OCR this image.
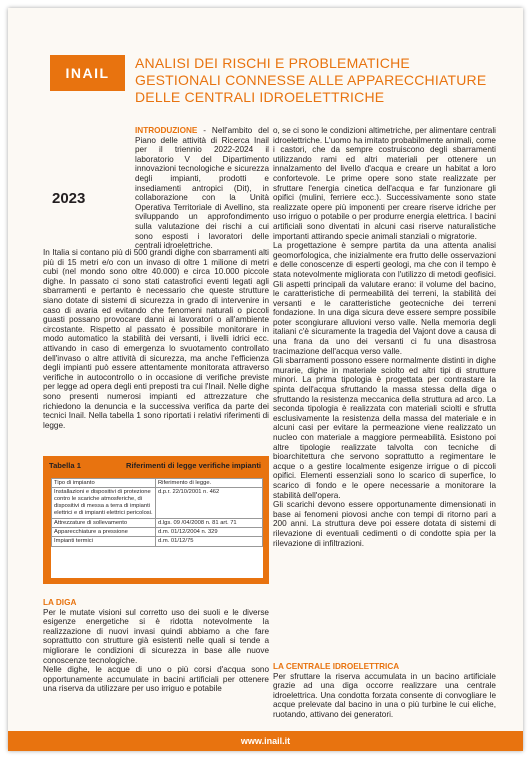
INAIL
ANALISI DEI RISCHI E PROBLEMATICHE
GESTIONALI CONNESSE ALLE APPARECCHIATURE
DELLE CENTRALI IDROELETTRICHE
2023

INTRODUZIONE - Nell'ambito del Piano delle attività di Ricerca Inail per il triennio 2022-2024 il laboratorio V del Dipartimento innovazioni tecnologiche e sicurezza degli impianti, prodotti e insediamenti antropici (Dit), in collaborazione con la Unità Operativa Territoriale di Avellino, sta sviluppando un approfondimento sulla valutazione dei rischi a cui sono esposti i lavoratori delle centrali idroelettriche.

In Italia si contano più di 500 grandi dighe con sbarramenti alti più di 15 metri e/o con un invaso di oltre 1 milione di metri cubi (nel mondo sono oltre 40.000) e circa 10.000 piccole dighe. In passato ci sono stati catastrofici eventi legati agli sbarramenti e pertanto è necessario che queste strutture siano dotate di sistemi di sicurezza in grado di intervenire in caso di avaria ed evitando che fenomeni naturali o piccoli guasti possano provocare danni ai lavoratori o all'ambiente circostante. Rispetto al passato è possibile monitorare in modo automatico la stabilità dei versanti, i livelli idrici ecc. attivando in caso di emergenza lo svuotamento controllato dell'invaso o altre attività di sicurezza, ma anche l'efficienza degli impianti può essere attentamente monitorata attraverso verifiche in autocontrollo o in occasione di verifiche previste per legge ad opera degli enti preposti tra cui l'Inail. Nelle dighe sono presenti numerosi impianti ed attrezzature che richiedono la denuncia e la successiva verifica da parte dei tecnici Inail. Nella tabella 1 sono riportati i relativi riferimenti di legge.

Tabella 1	Riferimenti di legge verifiche impianti
Tipo di impianto	Riferimento di legge.
Installazioni e dispositivi di protezione contro le scariche atmosferiche, di dispositivi di messa a terra di impianti elettrici e di impianti elettrici pericolosi.	d.p.r. 22/10/2001 n. 462
Attrezzature di sollevamento	d.lgs. 09 /04/2008 n. 81 art. 71
Apparecchiature a pressione	d.m. 01/12/2004 n. 329
Impianti termici	d.m. 01/12/75

LA DIGA

Per le mutate visioni sul corretto uso dei suoli e le diverse esigenze energetiche si è ridotta notevolmente la realizzazione di nuovi invasi quindi abbiamo a che fare soprattutto con strutture già esistenti nelle quali si tende a migliorare le condizioni di sicurezza in base alle nuove conoscenze tecnologiche.

Nelle dighe, le acque di uno o più corsi d'acqua sono opportunamente accumulate in bacini artificiali per ottenere una riserva da utilizzare per uso irriguo e potabile

o, se ci sono le condizioni altimetriche, per alimentare centrali idroelettriche. L'uomo ha imitato probabilmente animali, come i castori, che da sempre costruiscono degli sbarramenti utilizzando rami ed altri materiali per ottenere un innalzamento del livello d'acqua e creare un habitat a loro confortevole. Le prime opere sono state realizzate per sfruttare l'energia cinetica dell'acqua e far funzionare gli opifici (mulini, ferriere ecc.). Successivamente sono state realizzate opere più imponenti per creare riserve idriche per uso irriguo o potabile o per produrre energia elettrica. I bacini artificiali sono diventati in alcuni casi riserve naturalistiche importanti attirando specie animali stanziali o migratorie.

La progettazione è sempre partita da una attenta analisi geomorfologica, che inizialmente era frutto delle osservazioni e delle conoscenze di esperti geologi, ma che con il tempo è stata notevolmente migliorata con l'utilizzo di metodi geofisici. Gli aspetti principali da valutare erano: il volume del bacino, le caratteristiche di permeabilità dei terreni, la stabilità dei versanti e le caratteristiche geotecniche dei terreni fondazione. In una diga sicura deve essere sempre possibile poter scongiurare alluvioni verso valle. Nella memoria degli italiani c'è sicuramente la tragedia del Vajont dove a causa di una frana da uno dei versanti ci fu una disastrosa tracimazione dell'acqua verso valle.

Gli sbarramenti possono essere normalmente distinti in dighe murarie, dighe in materiale sciolto ed altri tipi di strutture minori. La prima tipologia è progettata per contrastare la spinta dell'acqua sfruttando la massa stessa della diga o sfruttando la resistenza meccanica della struttura ad arco. La seconda tipologia è realizzata con materiali sciolti e sfrutta esclusivamente la resistenza della massa del materiale e in alcuni casi per evitare la permeazione viene realizzato un nucleo con materiale a maggiore permeabilità. Esistono poi altre tipologie realizzate talvolta con tecniche di bioarchitettura che servono soprattutto a regimentare le acque o a gestire localmente esigenze irrigue o di piccoli opifici. Elementi essenziali sono lo scarico di superfice, lo scarico di fondo e le opere necessarie a monitorare la stabilità dell'opera.

Gli scarichi devono essere opportunamente dimensionati in base ai fenomeni piovosi anche con tempi di ritorno pari a 200 anni. La struttura deve poi essere dotata di sistemi di rilevazione di eventuali cedimenti o di condotte spia per la rilevazione di infiltrazioni.

LA CENTRALE IDROELETTRICA

Per sfruttare la riserva accumulata in un bacino artificiale grazie ad una diga occorre realizzare una centrale idroelettrica. Una condotta forzata consente di convogliare le acque prelevate dal bacino in una o più turbine le cui eliche, ruotando, attivano dei generatori.

www.inail.it
